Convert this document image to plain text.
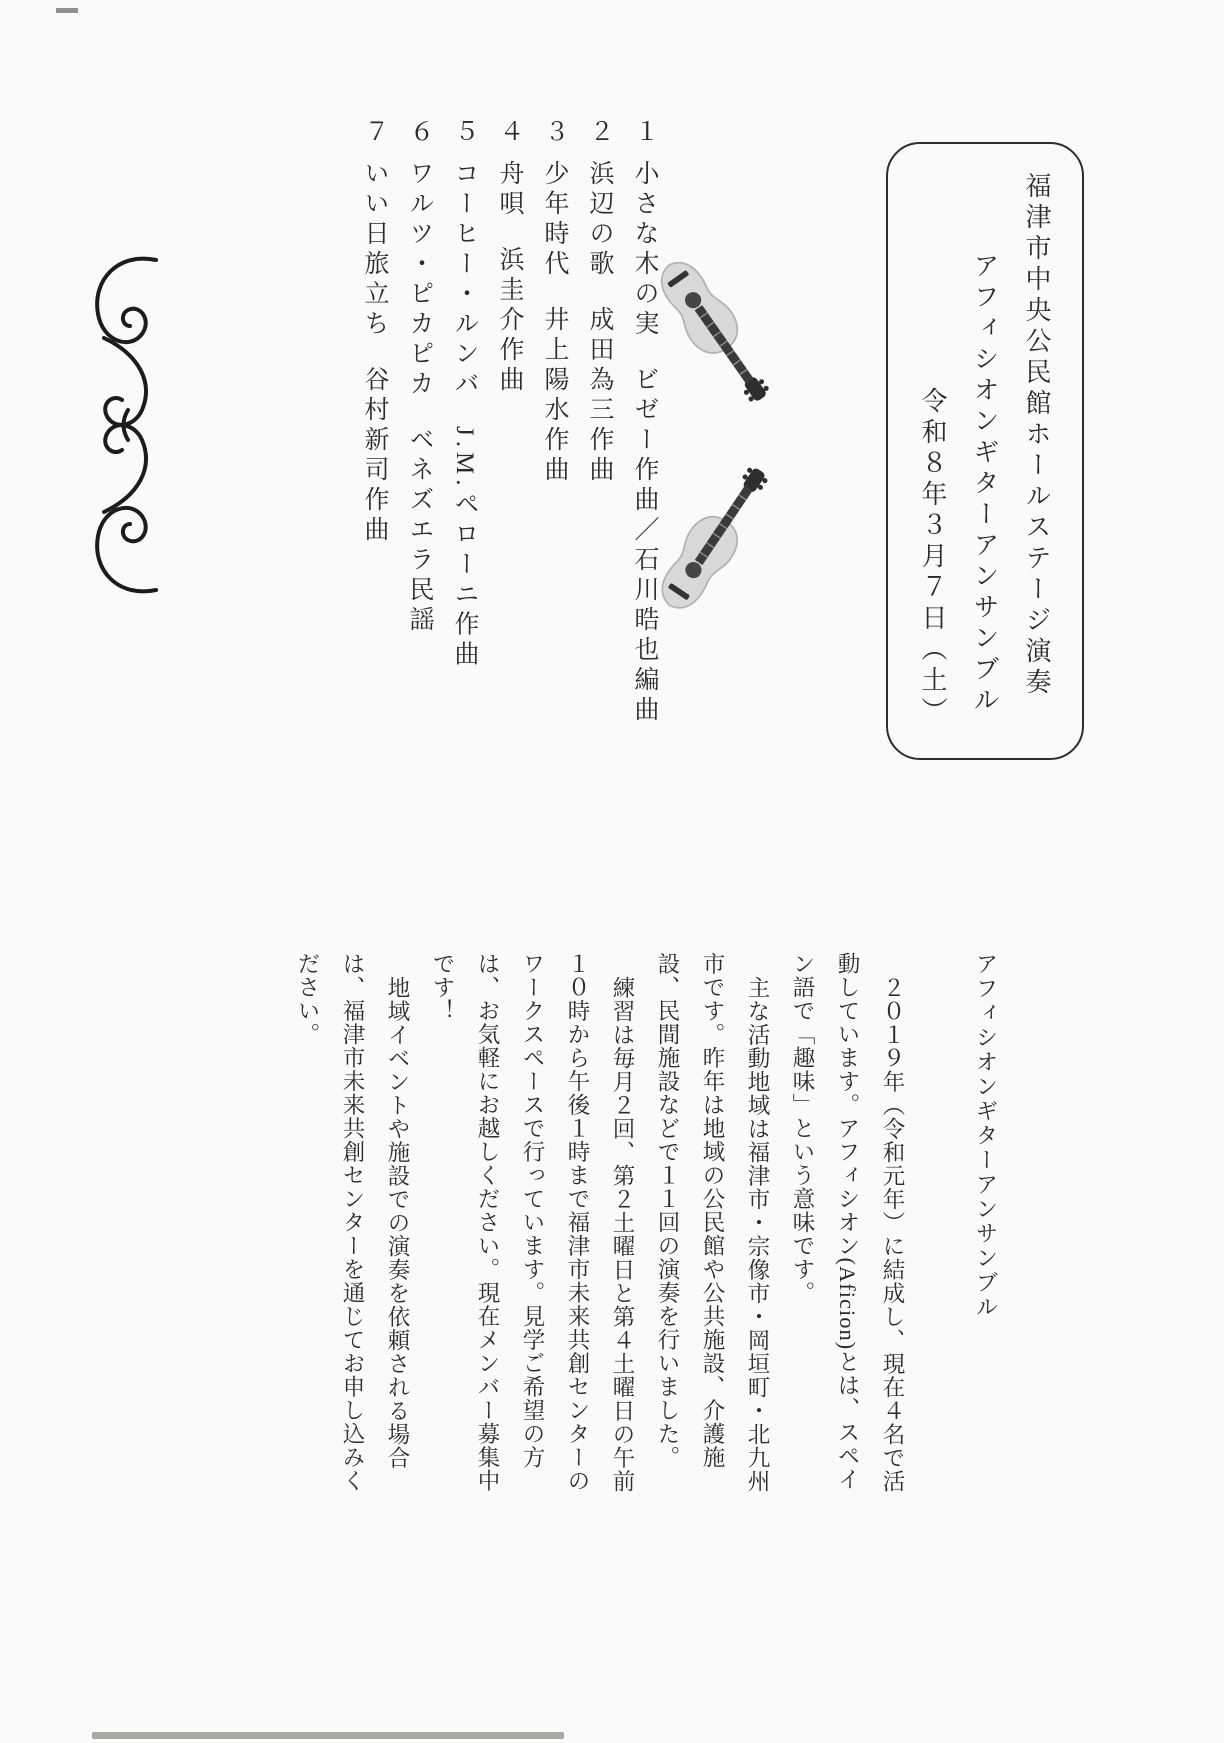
福津市中央公民館ホールステージ演奏
アフィシオンギターアンサンブル
令和８年３月７日（土）
１小さな木の実ビゼー作曲／石川晧也編曲
２浜辺の歌成田為三作曲
３少年時代井上陽水作曲
４舟唄浜圭介作曲
５コーヒー・ルンバJ.M.ペローニ作曲
６ワルツ・ピカピカベネズエラ民謡
７いい日旅立ち谷村新司作曲
アフィシオンギターアンサンブル

２０１９年（令和元年）に結成し、現在４名で活動しています。アフィシオン(Aficion)とは、スペイン語で「趣味」という意味です。

主な活動地域は福津市・宗像市・岡垣町・北九州市です。昨年は地域の公民館や公共施設、介護施設、民間施設などで１１回の演奏を行いました。

練習は毎月２回、第２土曜日と第４土曜日の午前１０時から午後１時まで福津市未来共創センターのワークスペースで行っています。見学ご希望の方は、お気軽にお越しください。現在メンバー募集中です！

地域イベントや施設での演奏を依頼される場合は、福津市未来共創センターを通じてお申し込みください。
